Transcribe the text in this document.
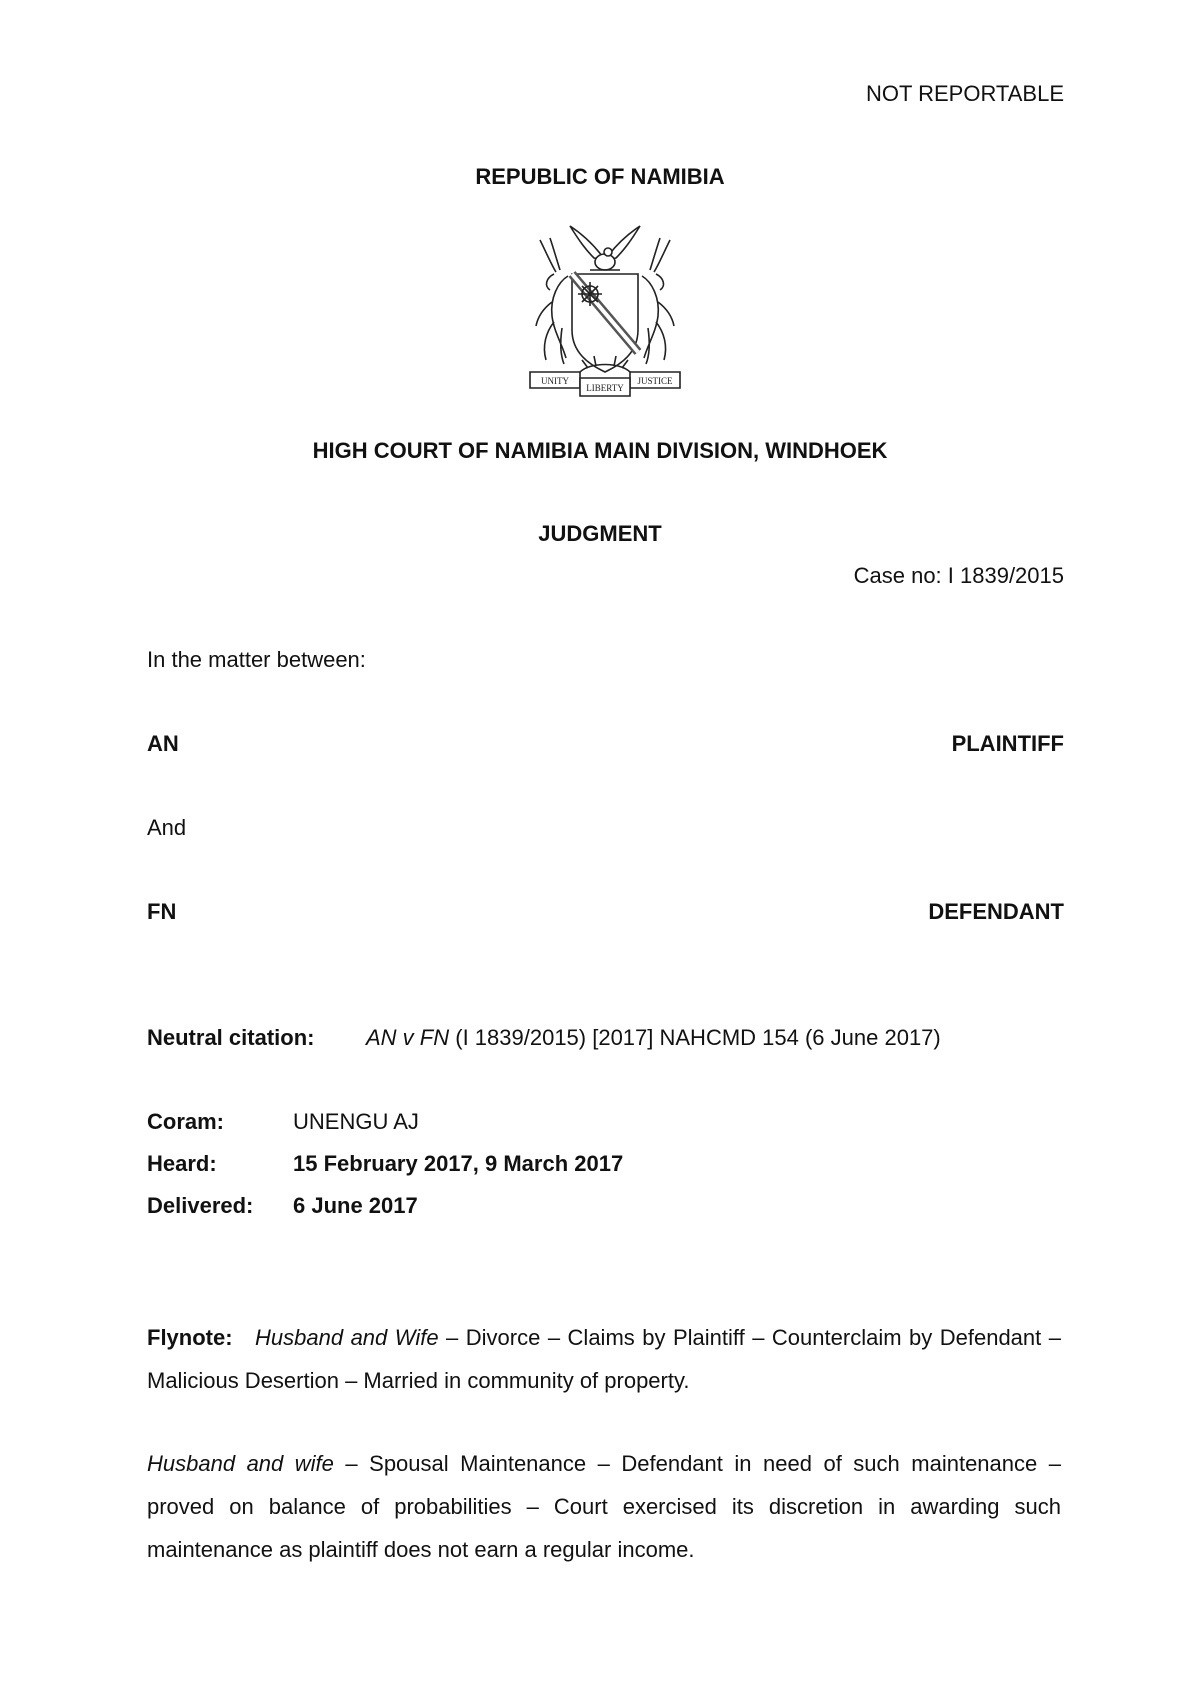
NOT REPORTABLE
REPUBLIC OF NAMIBIA
UNITY	JUSTICE
LIBERTY
HIGH COURT OF NAMIBIA MAIN DIVISION, WINDHOEK
JUDGMENT
Case no: I 1839/2015
In the matter between:
AN	PLAINTIFF
And
FN	DEFENDANT
Neutral citation: AN v FN (I 1839/2015) [2017] NAHCMD 154 (6 June 2017)
Coram:	UNENGU AJ
Heard:	15 February 2017, 9 March 2017
Delivered: 6 June 2017
Flynote: Husband and Wife – Divorce – Claims by Plaintiff – Counterclaim by Defendant – Malicious Desertion – Married in community of property.
Husband and wife – Spousal Maintenance – Defendant in need of such maintenance – proved on balance of probabilities – Court exercised its discretion in awarding such maintenance as plaintiff does not earn a regular income.
